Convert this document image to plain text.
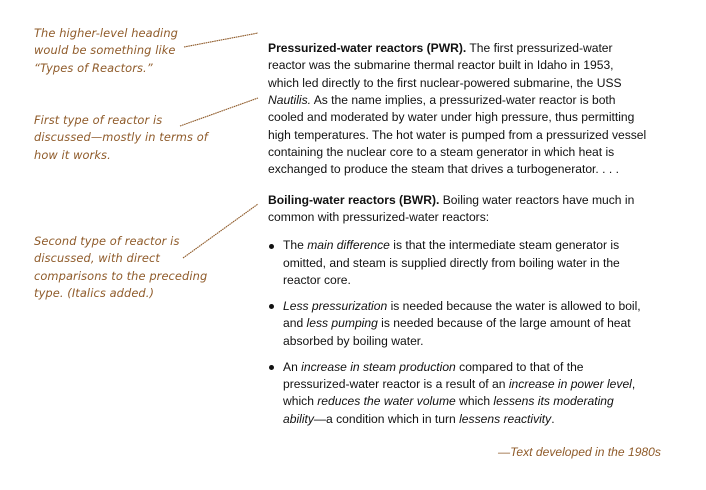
The higher-level heading
would be something like
“Types of Reactors.”

First type of reactor is
discussed—mostly in terms of
how it works.

Second type of reactor is
discussed, with direct
comparisons to the preceding
type. (Italics added.)

Pressurized-water reactors (PWR). The first pressurized-water
reactor was the submarine thermal reactor built in Idaho in 1953,
which led directly to the first nuclear-powered submarine, the USS
Nautilis. As the name implies, a pressurized-water reactor is both
cooled and moderated by water under high pressure, thus permitting
high temperatures. The hot water is pumped from a pressurized vessel
containing the nuclear core to a steam generator in which heat is
exchanged to produce the steam that drives a turbogenerator. . . .

Boiling-water reactors (BWR). Boiling water reactors have much in
common with pressurized-water reactors:

The main difference is that the intermediate steam generator is
omitted, and steam is supplied directly from boiling water in the
reactor core.
Less pressurization is needed because the water is allowed to boil,
and less pumping is needed because of the large amount of heat
absorbed by boiling water.
An increase in steam production compared to that of the
pressurized-water reactor is a result of an increase in power level,
which reduces the water volume which lessens its moderating
ability—a condition which in turn lessens reactivity.
—Text developed in the 1980s
